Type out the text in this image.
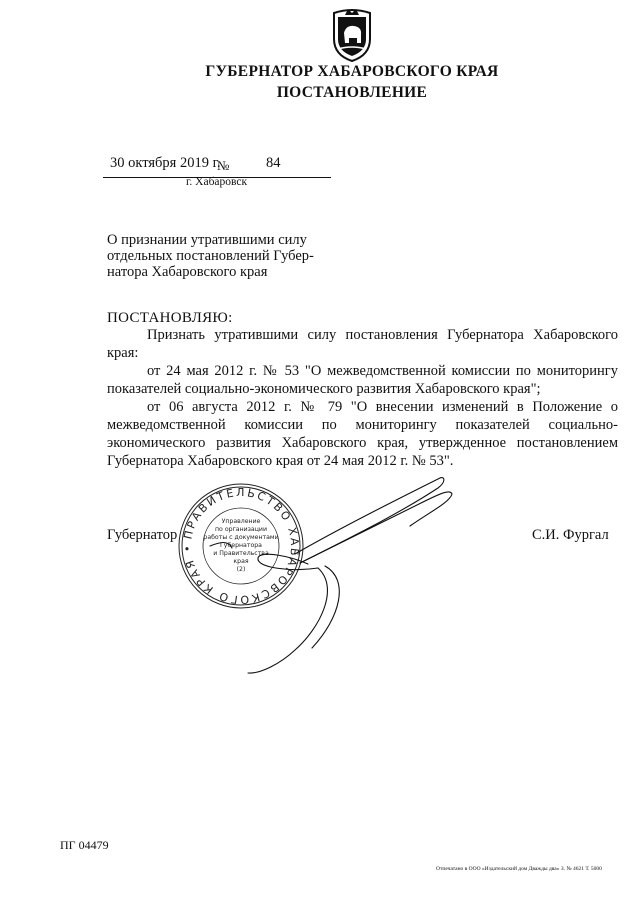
ГУБЕРНАТОР ХАБАРОВСКОГО КРАЯ
ПОСТАНОВЛЕНИЕ
30 октября 2019 г.
№	84
г. Хабаровск
О признании утратившими силу
отдельных постановлений Губер-
натора Хабаровского края
ПОСТАНОВЛЯЮ:

Признать утратившими силу постановления Губернатора Хабаровского края:

от 24 мая 2012 г. № 53 "О межведомственной комиссии по мониторингу показателей социально-экономического развития Хабаровского края";

от 06 августа 2012 г. № 79 "О внесении изменений в Положение о межведомственной комиссии по мониторингу показателей социально-экономического развития Хабаровского края, утвержденное постановлением Губернатора Хабаровского края от 24 мая 2012 г. № 53".

Губернатор	С.И. Фургал
ПРАВИТЕЛЬСТВО ХАБАРОВСКОГО КРАЯ •
Управление
по организации
работы с документами
Губернатора
и Правительства
края
(2)
ПГ 04479
Отпечатано в ООО «Издательский дом Дважды два» З. № 4621 Т. 5000
